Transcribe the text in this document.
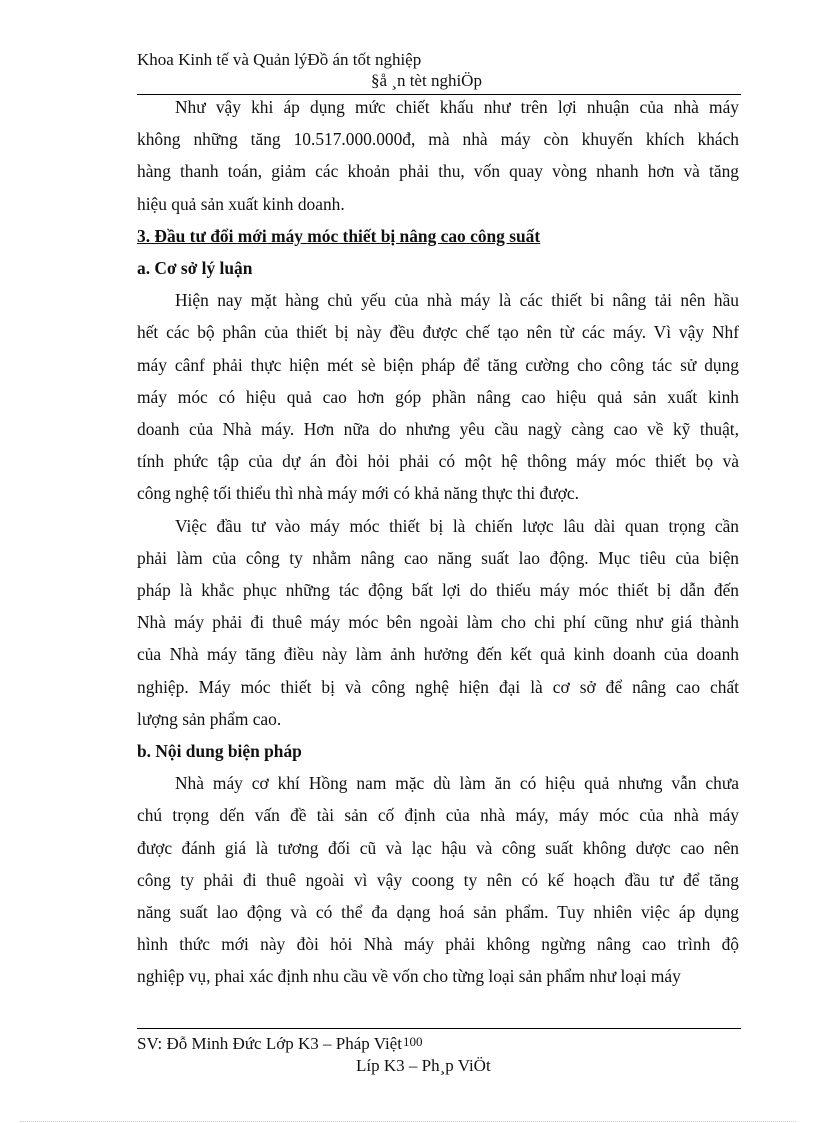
Khoa Kinh tế và Quản lýĐồ án tốt nghiệp
§å ¸n tèt nghiÖp

Như vậy khi áp dụng mức chiết khấu như trên lợi nhuận của nhà máy

không những tăng 10.517.000.000đ, mà nhà máy còn khuyến khích khách

hàng thanh toán, giảm các khoản phải thu, vốn quay vòng nhanh hơn và tăng

hiệu quả sản xuất kinh doanh.

3. Đầu tư đổi mới máy móc thiết bị nâng cao công suất
a. Cơ sở lý luận

Hiện nay mặt hàng chủ yếu của nhà máy là các thiết bi nâng tải nên hầu

hết các bộ phân của thiết bị này đều được chế tạo nên từ các máy. Vì vậy Nhf

máy cânf phải thực hiện mét sè biện pháp để tăng cường cho công tác sử dụng

máy móc có hiệu quả cao hơn góp phần nâng cao hiệu quả sản xuất kinh

doanh của Nhà máy. Hơn nữa do nhưng yêu cầu nagỳ càng cao về kỹ thuật,

tính phức tập của dự án đòi hỏi phải có một hệ thông máy móc thiết bọ và

công nghệ tối thiểu thì nhà máy mới có khả năng thực thi được.

Việc đầu tư vào máy móc thiết bị là chiến lược lâu dài quan trọng cần

phải làm của công ty nhằm nâng cao năng suất lao động. Mục tiêu của biện

pháp là khắc phục những tác động bất lợi do thiếu máy móc thiết bị dẫn đến

Nhà máy phải đi thuê máy móc bên ngoài làm cho chi phí cũng như giá thành

của Nhà máy tăng điều này làm ảnh hưởng đến kết quả kinh doanh của doanh

nghiệp. Máy móc thiết bị và công nghệ hiện đại là cơ sở để nâng cao chất

lượng sản phẩm cao.

b. Nội dung biện pháp

Nhà máy cơ khí Hồng nam mặc dù làm ăn có hiệu quả nhưng vẫn chưa

chú trọng dến vấn đề tài sản cố định của nhà máy, máy móc của nhà máy

được đánh giá là tương đối cũ và lạc hậu và công suất không dược cao nên

công ty phải đi thuê ngoài vì vậy coong ty nên có kế hoạch đầu tư để tăng

năng suất lao động và có thể đa dạng hoá sản phẩm. Tuy nhiên việc áp dụng

hình thức mới này đòi hỏi Nhà máy phải không ngừng nâng cao trình độ

nghiệp vụ, phai xác định nhu cầu về vốn cho từng loại sản phẩm như loại máy

SV: Đỗ Minh Đức Lớp K3 – Pháp Việt$^{100}$
Líp K3 – Ph¸p ViÖt
